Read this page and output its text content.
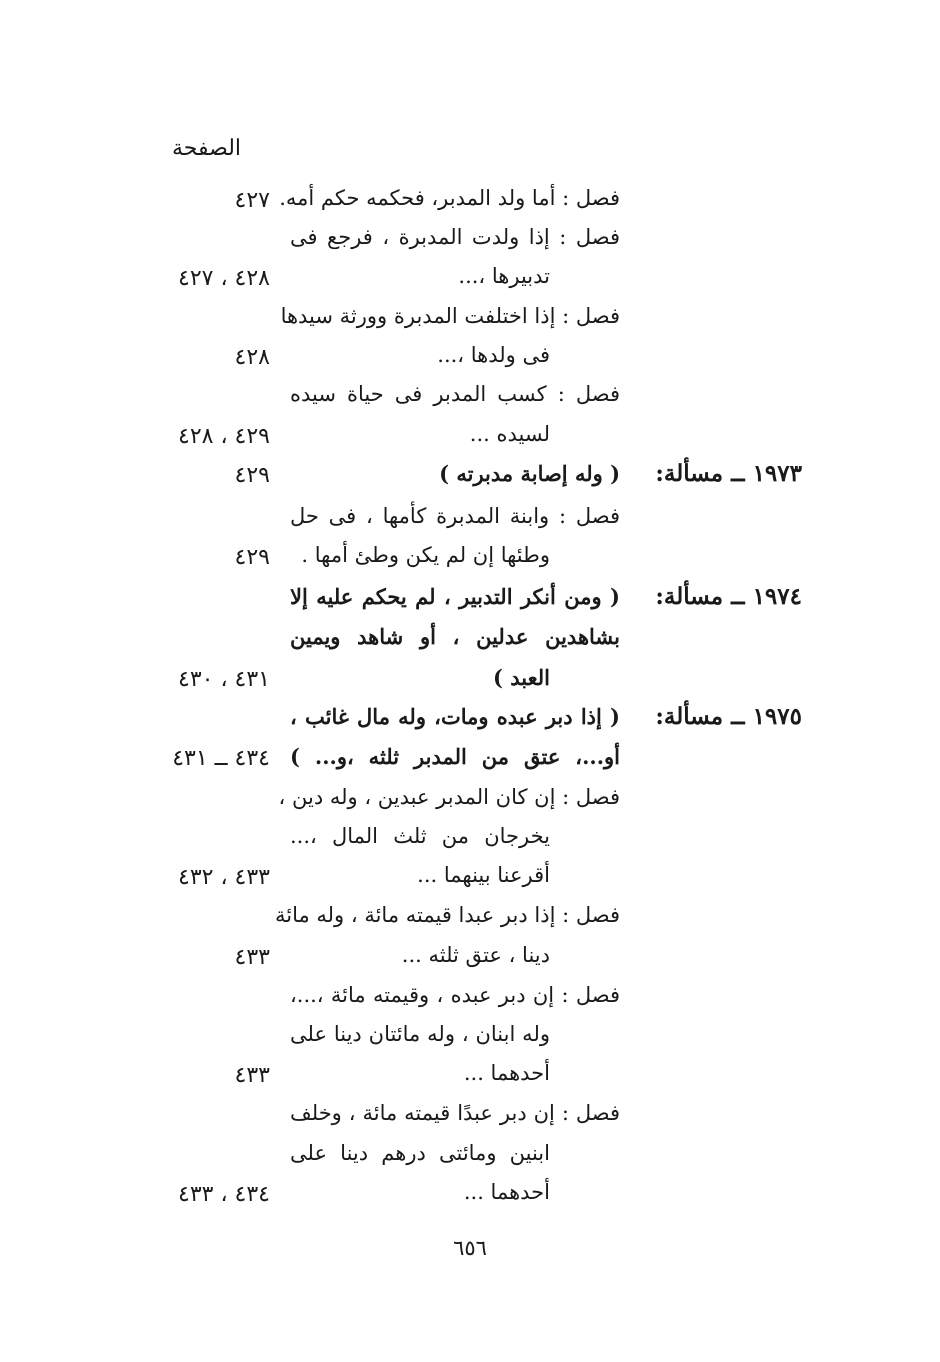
الصفحة
فصل : أما ولد المدبر، فحكمه حكم أمه.
٤٢٧
فصل : إذا ولدت المدبرة ، فرجع فى
تدبيرها ،...
٤٢٨ ، ٤٢٧
فصل : إذا اختلفت المدبرة وورثة سيدها
فى ولدها ،...
٤٢٨
فصل : كسب المدبر فى حياة سيده
لسيده ...
٤٢٩ ، ٤٢٨
١٩٧٣ ــ مسألة:
( وله إصابة مدبرته )
٤٢٩
فصل : وابنة المدبرة كأمها ، فى حل
وطئها إن لم يكن وطئ أمها .
٤٢٩
١٩٧٤ ــ مسألة:
( ومن أنكر التدبير ، لم يحكم عليه إلا
بشاهدين عدلين ، أو شاهد ويمين
العبد )
٤٣١ ، ٤٣٠
١٩٧٥ ــ مسألة:
( إذا دبر عبده ومات، وله مال غائب ،
أو...، عتق من المدبر ثلثه ،و... )
٤٣٤ ــ ٤٣١
فصل : إن كان المدبر عبدين ، وله دين ،
يخرجان من ثلث المال ،...
أقرعنا بينهما ...
٤٣٣ ، ٤٣٢
فصل : إذا دبر عبدا قيمته مائة ، وله مائة
دينا ، عتق ثلثه ...
٤٣٣
فصل : إن دبر عبده ، وقيمته مائة ،...،
وله ابنان ، وله مائتان دينا على
أحدهما ...
٤٣٣
فصل : إن دبر عبدًا قيمته مائة ، وخلف
ابنين ومائتى درهم دينا على
أحدهما ...
٤٣٤ ، ٤٣٣
٦٥٦
